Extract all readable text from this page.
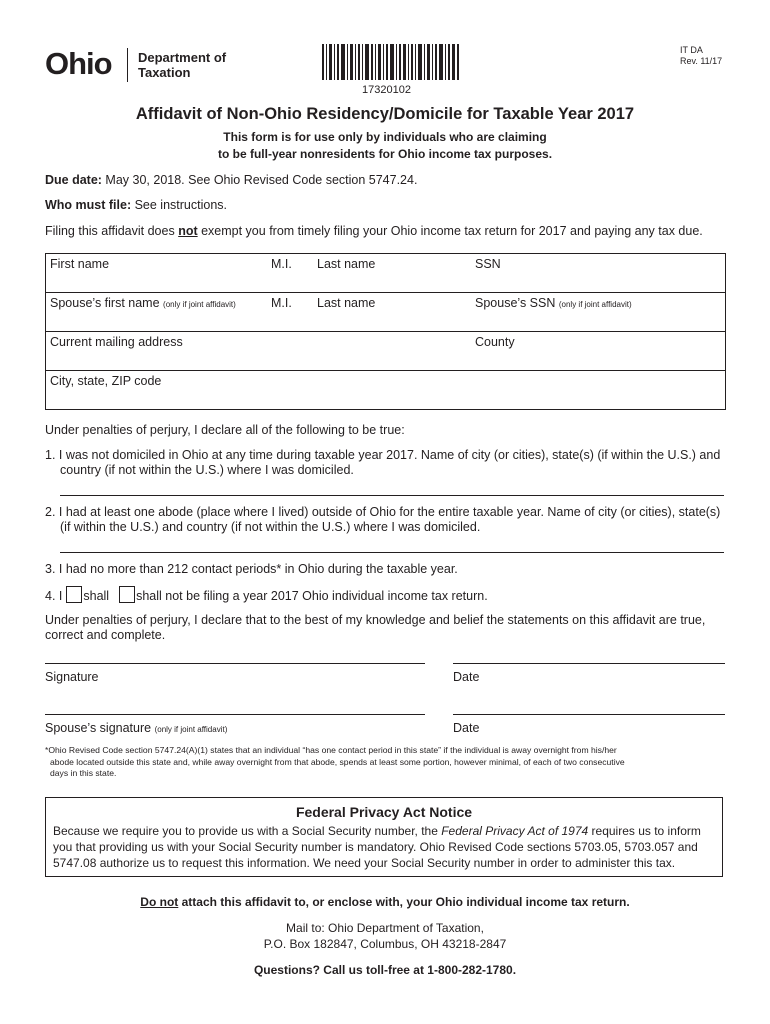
Ohio Department of
Taxation
17320102
IT DA
Rev. 11/17
Affidavit of Non-Ohio Residency/Domicile for Taxable Year 2017
This form is for use only by individuals who are claiming
to be full-year nonresidents for Ohio income tax purposes.
Due date: May 30, 2018. See Ohio Revised Code section 5747.24.
Who must file: See instructions.
Filing this affidavit does not exempt you from timely filing your Ohio income tax return for 2017 and paying any tax due.
First name	M.I. Last name	SSN
Spouse’s first name (only if joint affidavit)	M.I. Last name	Spouse’s SSN (only if joint affidavit)
Current mailing address	County
City, state, ZIP code
Under penalties of perjury, I declare all of the following to be true:
1. I was not domiciled in Ohio at any time during taxable year 2017. Name of city (or cities), state(s) (if within the U.S.) and
country (if not within the U.S.) where I was domiciled.
2. I had at least one abode (place where I lived) outside of Ohio for the entire taxable year. Name of city (or cities), state(s)
(if within the U.S.) and country (if not within the U.S.) where I was domiciled.
3. I had no more than 212 contact periods* in Ohio during the taxable year.
4. I shall shall not be filing a year 2017 Ohio individual income tax return.
Under penalties of perjury, I declare that to the best of my knowledge and belief the statements on this affidavit are true,
correct and complete.
Signature	Date
Spouse’s signature (only if joint affidavit)	Date
*Ohio Revised Code section 5747.24(A)(1) states that an individual “has one contact period in this state” if the individual is away overnight from his/her
abode located outside this state and, while away overnight from that abode, spends at least some portion, however minimal, of each of two consecutive
days in this state.
Federal Privacy Act Notice
Because we require you to provide us with a Social Security number, the Federal Privacy Act of 1974 requires us to inform
you that providing us with your Social Security number is mandatory. Ohio Revised Code sections 5703.05, 5703.057 and
5747.08 authorize us to request this information. We need your Social Security number in order to administer this tax.
Do not attach this affidavit to, or enclose with, your Ohio individual income tax return.
Mail to: Ohio Department of Taxation,
P.O. Box 182847, Columbus, OH 43218-2847
Questions? Call us toll-free at 1-800-282-1780.
